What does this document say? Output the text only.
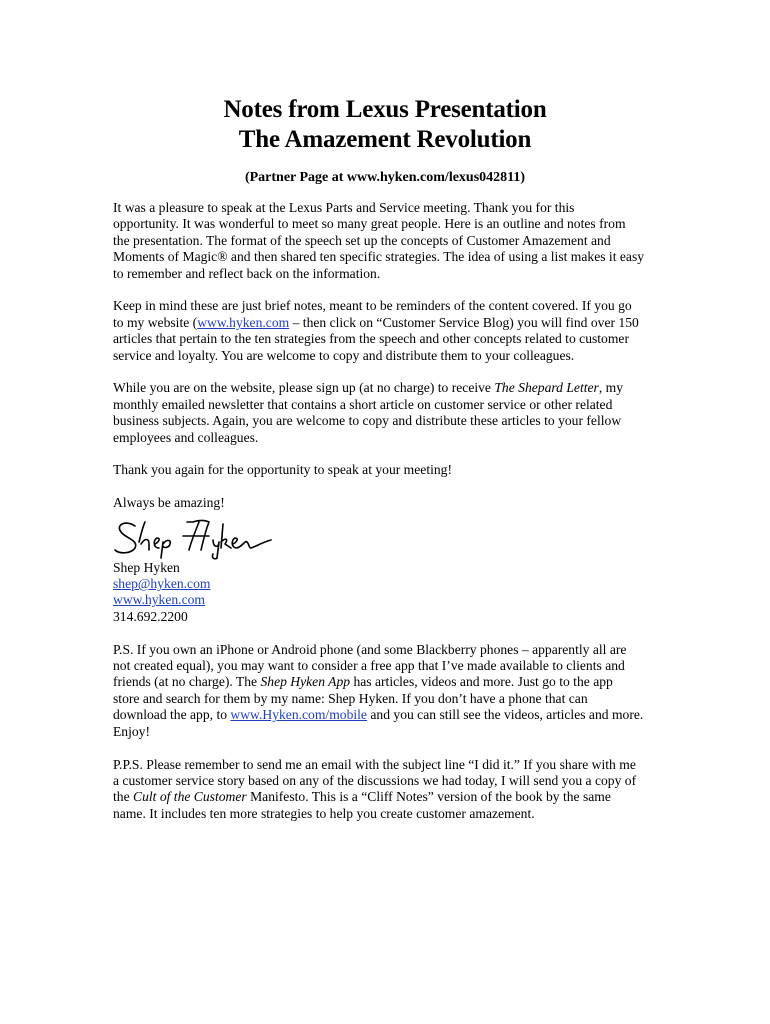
Notes from Lexus Presentation
The Amazement Revolution
(Partner Page at www.hyken.com/lexus042811)

It was a pleasure to speak at the Lexus Parts and Service meeting. Thank you for this
opportunity. It was wonderful to meet so many great people. Here is an outline and notes from
the presentation. The format of the speech set up the concepts of Customer Amazement and
Moments of Magic® and then shared ten specific strategies. The idea of using a list makes it easy
to remember and reflect back on the information.

Keep in mind these are just brief notes, meant to be reminders of the content covered. If you go
to my website (www.hyken.com – then click on “Customer Service Blog) you will find over 150
articles that pertain to the ten strategies from the speech and other concepts related to customer
service and loyalty. You are welcome to copy and distribute them to your colleagues.

While you are on the website, please sign up (at no charge) to receive The Shepard Letter, my
monthly emailed newsletter that contains a short article on customer service or other related
business subjects. Again, you are welcome to copy and distribute these articles to your fellow
employees and colleagues.

Thank you again for the opportunity to speak at your meeting!

Always be amazing!
Shep Hyken
shep@hyken.com
www.hyken.com
314.692.2200

P.S. If you own an iPhone or Android phone (and some Blackberry phones – apparently all are
not created equal), you may want to consider a free app that I’ve made available to clients and
friends (at no charge). The Shep Hyken App has articles, videos and more. Just go to the app
store and search for them by my name: Shep Hyken. If you don’t have a phone that can
download the app, to www.Hyken.com/mobile and you can still see the videos, articles and more.
Enjoy!

P.P.S. Please remember to send me an email with the subject line “I did it.” If you share with me
a customer service story based on any of the discussions we had today, I will send you a copy of
the Cult of the Customer Manifesto. This is a “Cliff Notes” version of the book by the same
name. It includes ten more strategies to help you create customer amazement.
